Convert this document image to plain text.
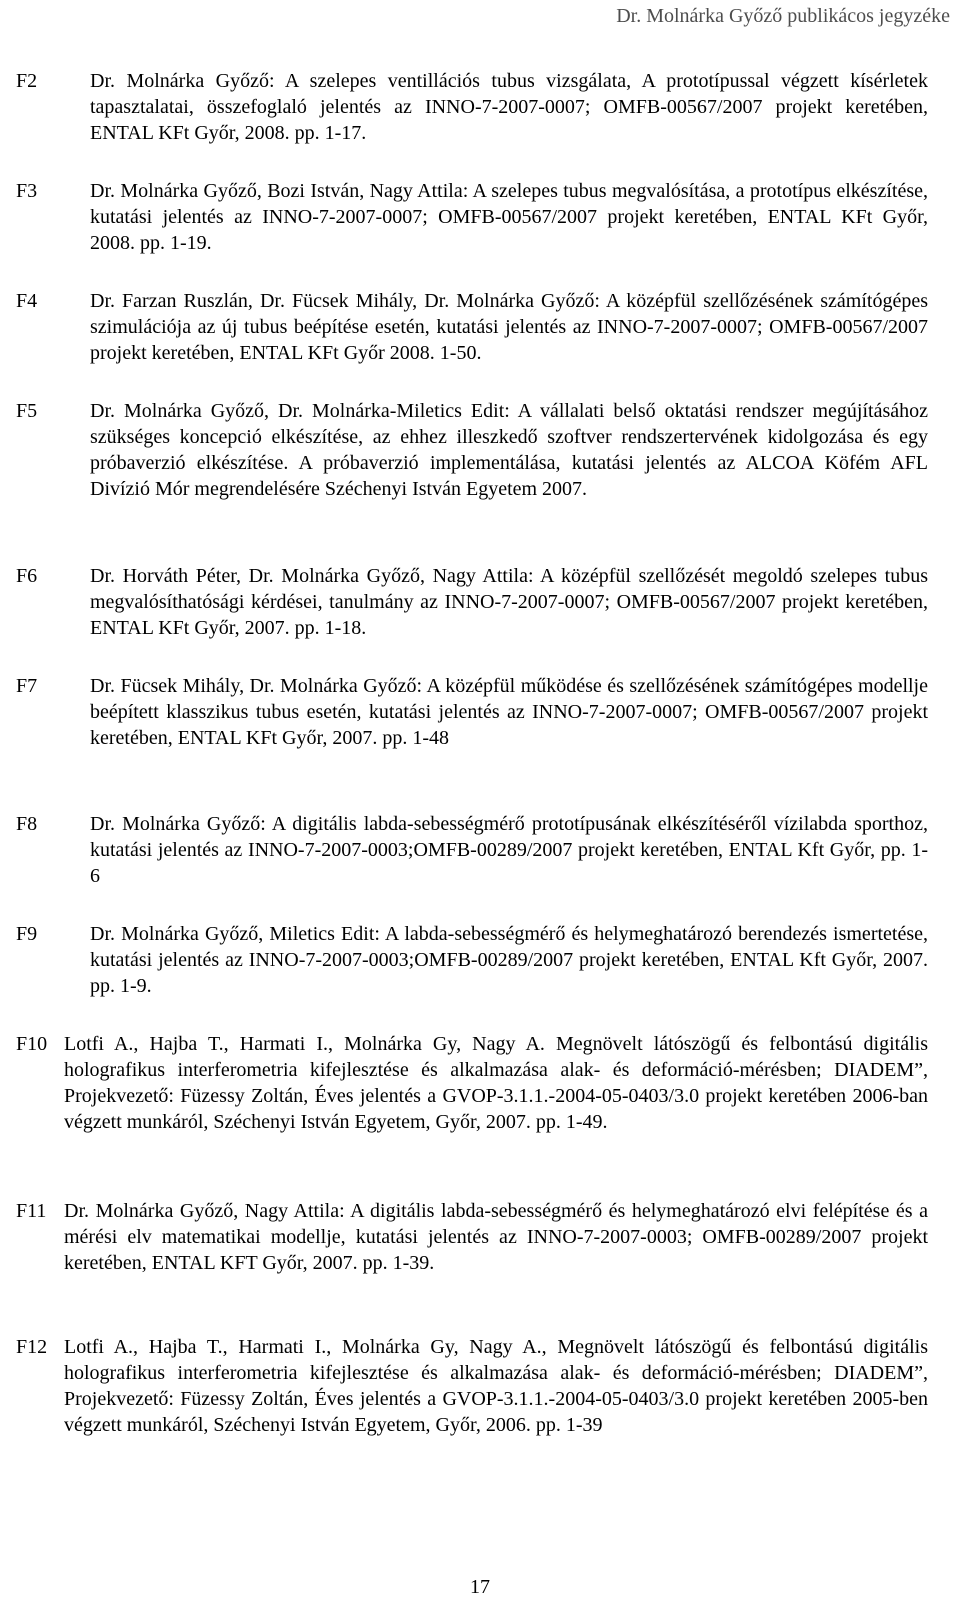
Dr. Molnárka Győző publikácos jegyzéke
F2	Dr. Molnárka Győző: A szelepes ventillációs tubus vizsgálata, A prototípussal végzett kísérletek tapasztalatai, összefoglaló jelentés az INNO-7-2007-0007; OMFB-00567/2007 projekt keretében, ENTAL KFt Győr, 2008. pp. 1-17.
F3	Dr. Molnárka Győző, Bozi István, Nagy Attila: A szelepes tubus megvalósítása, a prototípus elkészítése, kutatási jelentés az INNO-7-2007-0007; OMFB-00567/2007 projekt keretében, ENTAL KFt Győr, 2008. pp. 1-19.
F4	Dr. Farzan Ruszlán, Dr. Fücsek Mihály, Dr. Molnárka Győző: A középfül szellőzésének számítógépes szimulációja az új tubus beépítése esetén, kutatási jelentés az INNO-7-2007-0007; OMFB-00567/2007 projekt keretében, ENTAL KFt Győr 2008. 1-50.
F5	Dr. Molnárka Győző, Dr. Molnárka-Miletics Edit: A vállalati belső oktatási rendszer megújításához szükséges koncepció elkészítése, az ehhez illeszkedő szoftver rendszertervének kidolgozása és egy próbaverzió elkészítése. A próbaverzió implementálása, kutatási jelentés az ALCOA Köfém AFL Divízió Mór megrendelésére Széchenyi István Egyetem 2007.
F6	Dr. Horváth Péter, Dr. Molnárka Győző, Nagy Attila: A középfül szellőzését megoldó szelepes tubus megvalósíthatósági kérdései, tanulmány az INNO-7-2007-0007; OMFB-00567/2007 projekt keretében, ENTAL KFt Győr, 2007. pp. 1-18.
F7	Dr. Fücsek Mihály, Dr. Molnárka Győző: A középfül működése és szellőzésének számítógépes modellje beépített klasszikus tubus esetén, kutatási jelentés az INNO-7-2007-0007; OMFB-00567/2007 projekt keretében, ENTAL KFt Győr, 2007. pp. 1-48
F8	Dr. Molnárka Győző: A digitális labda-sebességmérő prototípusának elkészítéséről vízilabda sporthoz, kutatási jelentés az INNO-7-2007-0003;OMFB-00289/2007 projekt keretében, ENTAL Kft Győr, pp. 1-6
F9	Dr. Molnárka Győző, Miletics Edit: A labda-sebességmérő és helymeghatározó berendezés ismertetése, kutatási jelentés az INNO-7-2007-0003;OMFB-00289/2007 projekt keretében, ENTAL Kft Győr, 2007. pp. 1-9.
F10 Lotfi A., Hajba T., Harmati I., Molnárka Gy, Nagy A. Megnövelt látószögű és felbontású digitális holografikus interferometria kifejlesztése és alkalmazása alak- és deformáció-mérésben; DIADEM”, Projekvezető: Füzessy Zoltán, Éves jelentés a GVOP-3.1.1.-2004-05-0403/3.0 projekt keretében 2006-ban végzett munkáról, Széchenyi István Egyetem, Győr, 2007. pp. 1-49.
F11 Dr. Molnárka Győző, Nagy Attila: A digitális labda-sebességmérő és helymeghatározó elvi felépítése és a mérési elv matematikai modellje, kutatási jelentés az INNO-7-2007-0003; OMFB-00289/2007 projekt keretében, ENTAL KFT Győr, 2007. pp. 1-39.
F12 Lotfi A., Hajba T., Harmati I., Molnárka Gy, Nagy A., Megnövelt látószögű és felbontású digitális holografikus interferometria kifejlesztése és alkalmazása alak- és deformáció-mérésben; DIADEM”, Projekvezető: Füzessy Zoltán, Éves jelentés a GVOP-3.1.1.-2004-05-0403/3.0 projekt keretében 2005-ben végzett munkáról, Széchenyi István Egyetem, Győr, 2006. pp. 1-39
17
